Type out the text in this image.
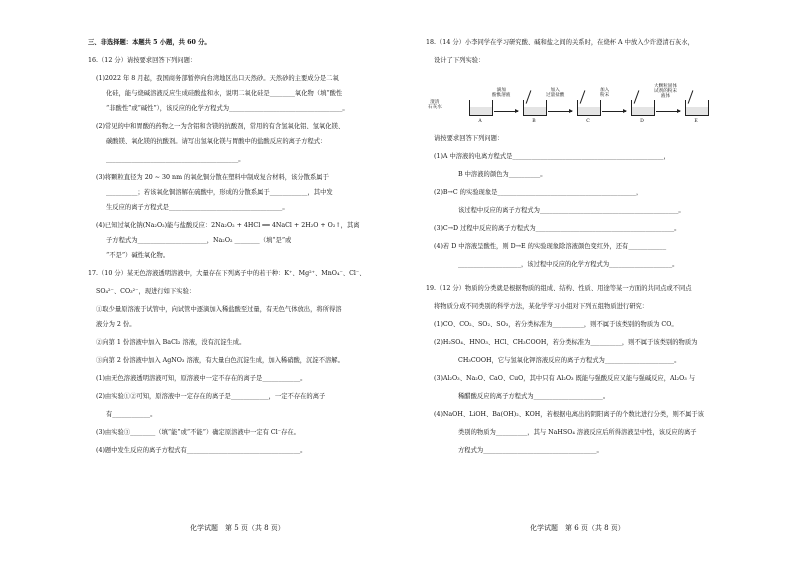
三、非选择题：本题共 5 小题，共 60 分。
16.（12 分）请按要求回答下列问题：
(1)2022 年 8 月起，我国商务部暂停向台湾地区出口天然砂。天然砂的主要成分是二氧
化硅，能与烧碱溶液反应生成硅酸盐和水，说明二氧化硅是________氧化物（填“酸性
“非酸性”或“碱性”），该反应的化学方程式为____________________________________。
(2)常见的中和胃酸的药物之一为含铝和含镁的抗酸剂，常用的有含氢氧化铝、氢氧化镁、
碳酸镁、氧化镁的抗酸剂。请写出氢氧化镁与胃酸中的盐酸反应的离子方程式：
__________________________________________。
(3)将颗粒直径为 20 ~ 30 nm 的氧化铜分散在塑料中制成复合材料，该分散系属于
__________；若该氧化铜溶解在硫酸中，形成的分散系属于____________，其中发
生反应的离子方程式是____________________________________。
(4)已知过氧化钠(Na₂O₂)能与盐酸反应：2Na₂O₂ + 4HCl ══ 4NaCl + 2H₂O + O₂↑，其离
子方程式为______________________，Na₂O₂ ________（填“是”或
“不是”）碱性氧化物。
17.（10 分）某无色溶液透明溶液中，大量存在下列离子中的若干种：K⁺、Mg²⁺、MnO₄⁻、Cl⁻、
SO₄²⁻、CO₃²⁻，现进行如下实验：
①取少量原溶液于试管中，向试管中逐滴加入稀盐酸至过量，有无色气体放出，将所得溶
液分为 2 份。
②向第 1 份溶液中加入 BaCl₂ 溶液，没有沉淀生成。
③向第 2 份溶液中加入 AgNO₃ 溶液，有大量白色沉淀生成，加入稀硝酸，沉淀不溶解。
(1)由无色溶液透明溶液可知，原溶液中一定不存在的离子是____________。
(2)由实验①②可知，原溶液中一定存在的离子是____________，一定不存在的离子
有____________。
(3)由实验③________（填“能”或“不能”）确定原溶液中一定有 Cl⁻存在。
(4)题中发生反应的离子方程式有____________________________________。
澄清
石灰水
A	B	C	D	E
滴加
酚酞溶液
加入
过量盐酸
加入
粉末
大颗粒固体
试剂的粉末
液体
18.（14 分）小李同学在学习研究酸、碱和盐之间的关系时，在烧杯 A 中放入少许澄清石灰水，
设计了下列实验：
请按要求回答下列问题：
(1)A 中溶液的电离方程式是________________________________________________，
B 中溶液的颜色为__________。
(2)B→C 的实验现象是____________________________________________，
该过程中反应的离子方程式为____________________________________________。
(3)C→D 过程中反应的离子方程式为____________________________________________。
(4)若 D 中溶液呈酸性，则 D→E 的实验现象除溶液颜色变红外，还有____________
____________________，该过程中反应的化学方程式为____________________。
19.（12 分）物质的分类就是根据物质的组成、结构、性质、用途等某一方面的共同点或不同点
将物质分成不同类别的科学方法，某化学学习小组对下列五组物质进行研究：
(1)CO、CO₂、SO₂、SO₃，若分类标准为__________，则不属于该类别的物质为 CO。
(2)H₂SO₄、HNO₃、HCl、CH₃COOH，若分类标准为__________，则不属于该类别的物质为
CH₃COOH，它与氢氧化钾溶液反应的离子方程式为______________________。
(3)Al₂O₃、Na₂O、CaO、CuO，其中只有 Al₂O₃ 既能与强酸反应又能与强碱反应，Al₂O₃ 与
稀醋酸反应的离子方程式为______________________。
(4)NaOH、LiOH、Ba(OH)₂、KOH，若根据电离出的阴阳离子的个数比进行分类，则不属于该
类别的物质为__________，其与 NaHSO₄ 溶液反应后所得溶液呈中性，该反应的离子
方程式为____________________________________。
化学试题　第 5 页（共 8 页）	化学试题　第 6 页（共 8 页）
